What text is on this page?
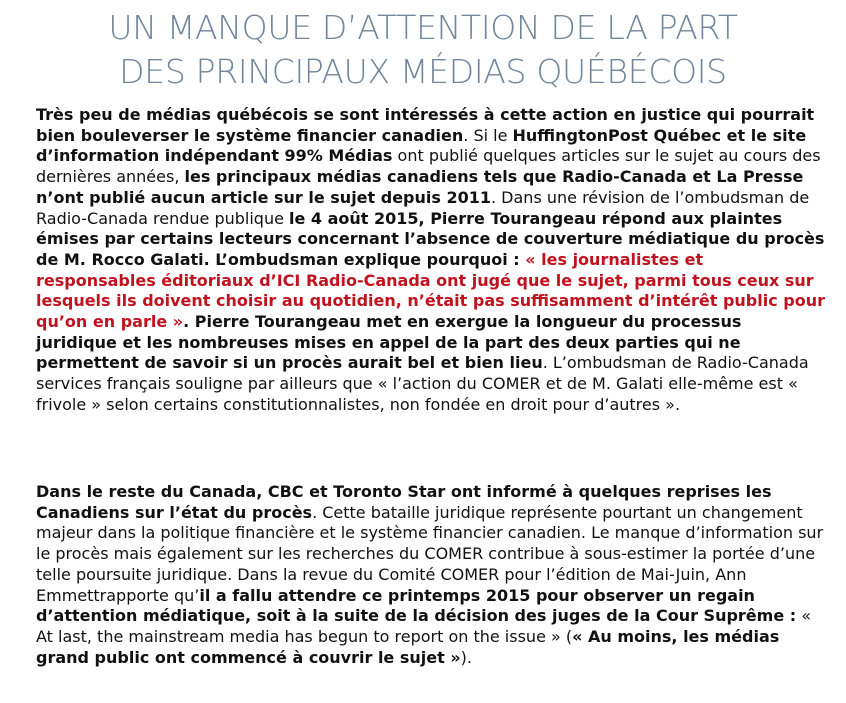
UN MANQUE D’ATTENTION DE LA PART
DES PRINCIPAUX MÉDIAS QUÉBÉCOIS

Très peu de médias québécois se sont intéressés à cette action en justice qui pourrait bien bouleverser le système financier canadien. Si le HuffingtonPost Québec et le site d’information indépendant 99% Médias ont publié quelques articles sur le sujet au cours des dernières années, les principaux médias canadiens tels que Radio-Canada et La Presse n’ont publié aucun article sur le sujet depuis 2011. Dans une révision de l’ombudsman de Radio-Canada rendue publique le 4 août 2015, Pierre Tourangeau répond aux plaintes émises par certains lecteurs concernant l’absence de couverture médiatique du procès de M. Rocco Galati. L’ombudsman explique pourquoi : « les journalistes et responsables éditoriaux d’ICI Radio-Canada ont jugé que le sujet, parmi tous ceux sur lesquels ils doivent choisir au quotidien, n’était pas suffisamment d’intérêt public pour qu’on en parle ». Pierre Tourangeau met en exergue la longueur du processus juridique et les nombreuses mises en appel de la part des deux parties qui ne permettent de savoir si un procès aurait bel et bien lieu. L’ombudsman de Radio-Canada services français souligne par ailleurs que « l’action du COMER et de M. Galati elle-même est « frivole » selon certains constitutionnalistes, non fondée en droit pour d’autres ».

Dans le reste du Canada, CBC et Toronto Star ont informé à quelques reprises les Canadiens sur l’état du procès. Cette bataille juridique représente pourtant un changement majeur dans la politique financière et le système financier canadien. Le manque d’information sur le procès mais également sur les recherches du COMER contribue à sous-estimer la portée d’une telle poursuite juridique. Dans la revue du Comité COMER pour l’édition de Mai-Juin, Ann Emmettrapporte qu’il a fallu attendre ce printemps 2015 pour observer un regain d’attention médiatique, soit à la suite de la décision des juges de la Cour Suprême : « At last, the mainstream media has begun to report on the issue » (« Au moins, les médias grand public ont commencé à couvrir le sujet »).
